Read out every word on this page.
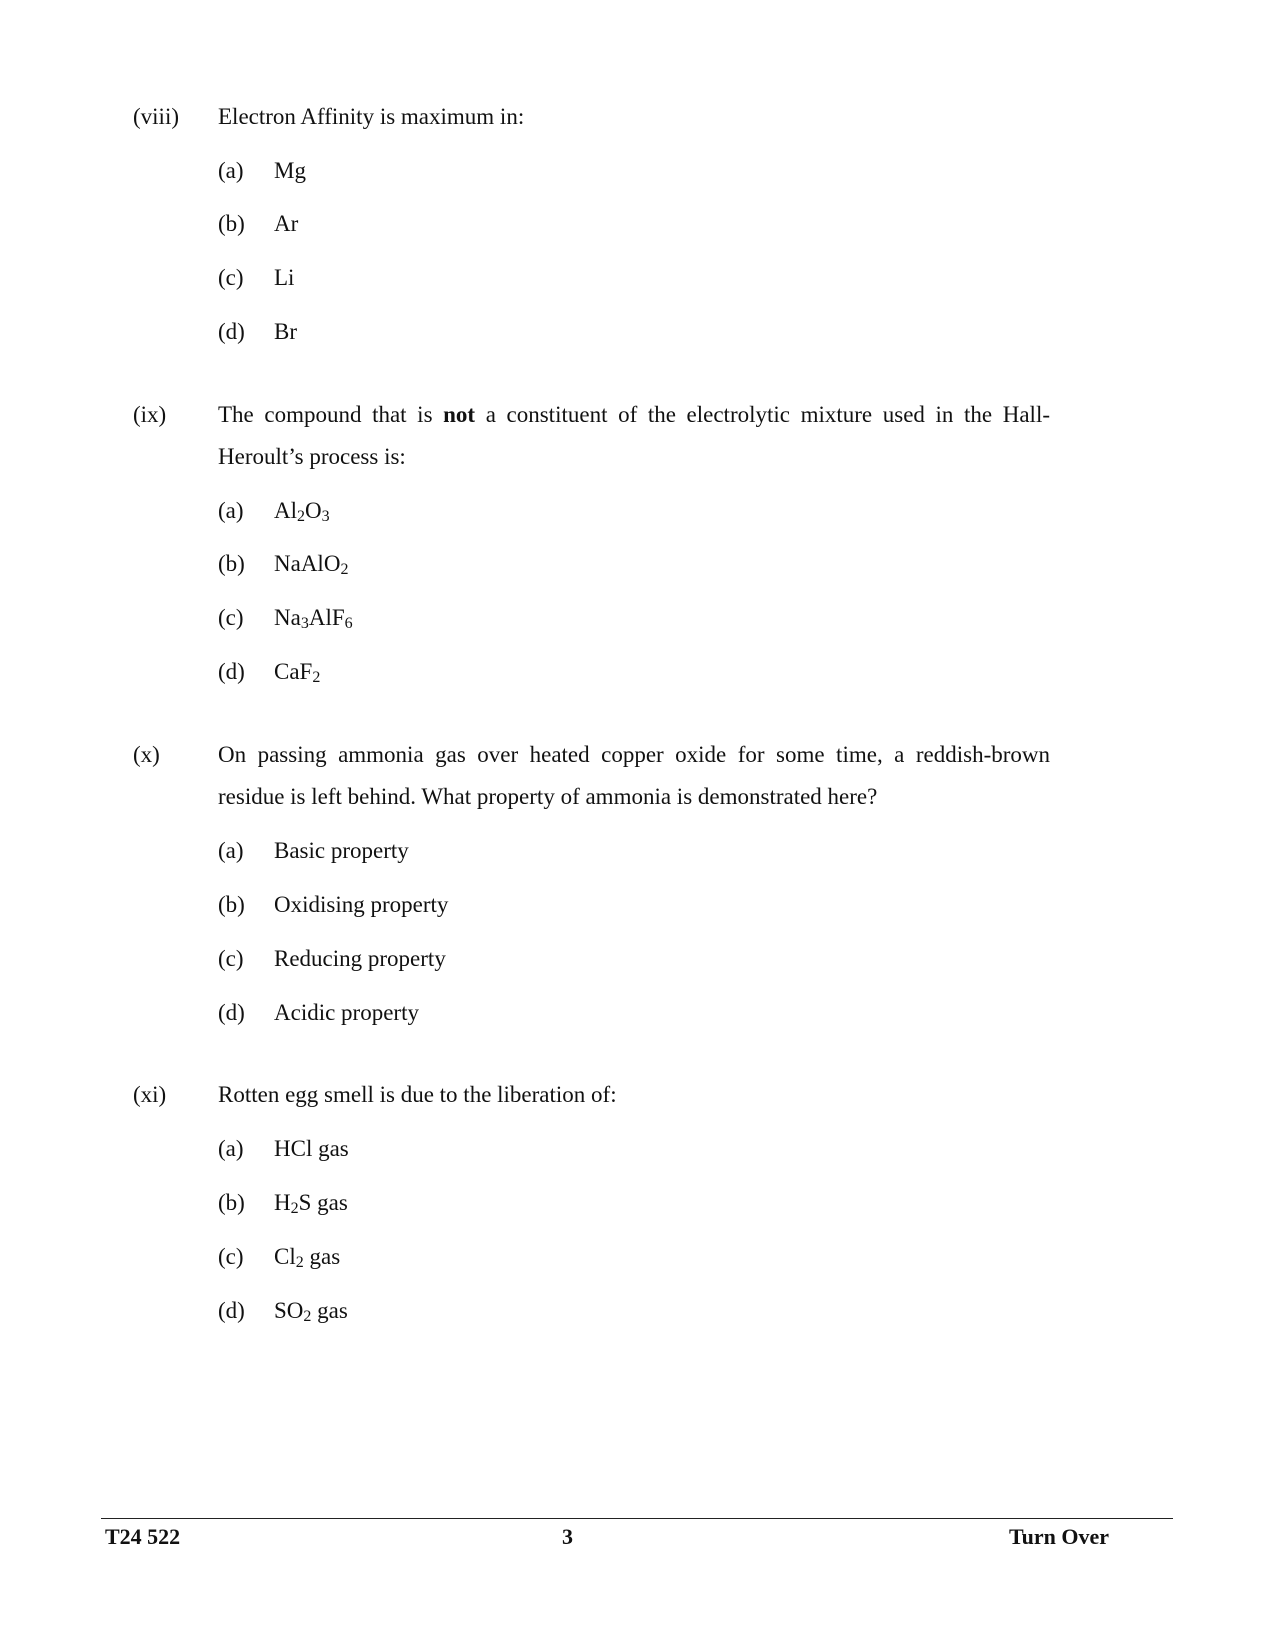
(viii) Electron Affinity is maximum in:
(a) Mg
(b) Ar
(c) Li
(d) Br
(ix) The compound that is not a constituent of the electrolytic mixture used in the Hall-Heroult’s process is:
(a) $Al_2O_3$
(b) NaAlO$_2$
(c) $Na_3AlF_6$
(d) CaF$_2$
(x)	On passing ammonia gas over heated copper oxide for some time, a reddish-brown residue is left behind. What property of ammonia is demonstrated here?
(a) Basic property
(b) Oxidising property
(c) Reducing property
(d) Acidic property
(xi) Rotten egg smell is due to the liberation of:
(a) HCl gas
(b) $H_2S$ gas
(c) $Cl_2$ gas
(d) $SO_2$ gas
T24 522	3	Turn Over
